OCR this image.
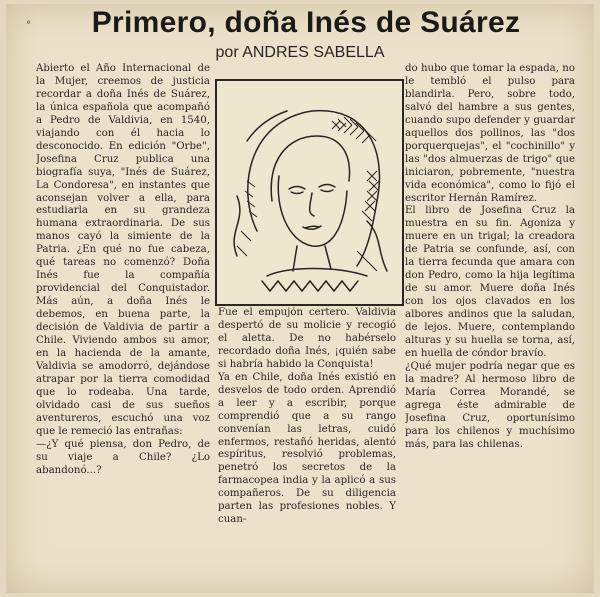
°	Primero, doña Inés de Suárez
por ANDRES SABELLA
Abierto el Año Internacional de la Mujer, creemos de justicia recordar a doña Inés de Suárez, la única española que acompañó a Pedro de Valdivia, en 1540, viajando con él hacia lo desconocido. En edición "Orbe", Josefina Cruz publica una biografía suya, "Inés de Suárez, La Condoresa", en instantes que aconsejan volver a ella, para estudiarla en su grandeza humana extraordinaria. De sus manos cayó la simiente de la Patria. ¿En qué no fue cabeza, qué tareas no comenzó? Doña Inés fue la compañía providencial del Conquistador. Más aún, a doña Inés le debemos, en buena parte, la decisión de Valdivia de partir a Chile. Viviendo ambos su amor, en la hacienda de la amante, Valdivia se amodorró, dejándose atrapar por la tierra comodidad que lo rodeaba. Una tarde, olvidado casi de sus sueños aventureros, escuchó una voz que le remeció las entrañas:
—¿Y qué piensa, don Pedro, de su viaje a Chile? ¿Lo abandonó...?
Fue el empujón certero. Valdivia despertó de su molicie y recogió el aletta. De no habérselo recordado doña Inés, ¡quién sabe si habría habido la Conquista!
Ya en Chile, doña Inés existió en desvelos de todo orden. Aprendió a leer y a escribir, porque comprendió que a su rango convenían las letras, cuidó enfermos, restañó heridas, alentó espíritus, resolvió problemas, penetró los secretos de la farmacopea india y la aplicó a sus compañeros. De su diligencia parten las profesiones nobles. Y cuan-
do hubo que tomar la espada, no le tembló el pulso para blandirla. Pero, sobre todo, salvó del hambre a sus gentes, cuando supo defender y guardar aquellos dos pollinos, las "dos porquerquejas", el "cochinillo" y las "dos almuerzas de trigo" que iniciaron, pobremente, "nuestra vida económica", como lo fijó el escritor Hernán Ramírez.
El libro de Josefina Cruz la muestra en su fin. Agoniza y muere en un trigal; la creadora de Patria se confunde, así, con la tierra fecunda que amara con don Pedro, como la hija legítima de su amor. Muere doña Inés con los ojos clavados en los albores andinos que la saludan, de lejos. Muere, contemplando alturas y su huella se torna, así, en huella de cóndor bravío.
¿Qué mujer podría negar que es la madre? Al hermoso libro de María Correa Morandé, se agrega éste admirable de Josefina Cruz, oportunísimo para los chilenos y muchísimo más, para las chilenas.
